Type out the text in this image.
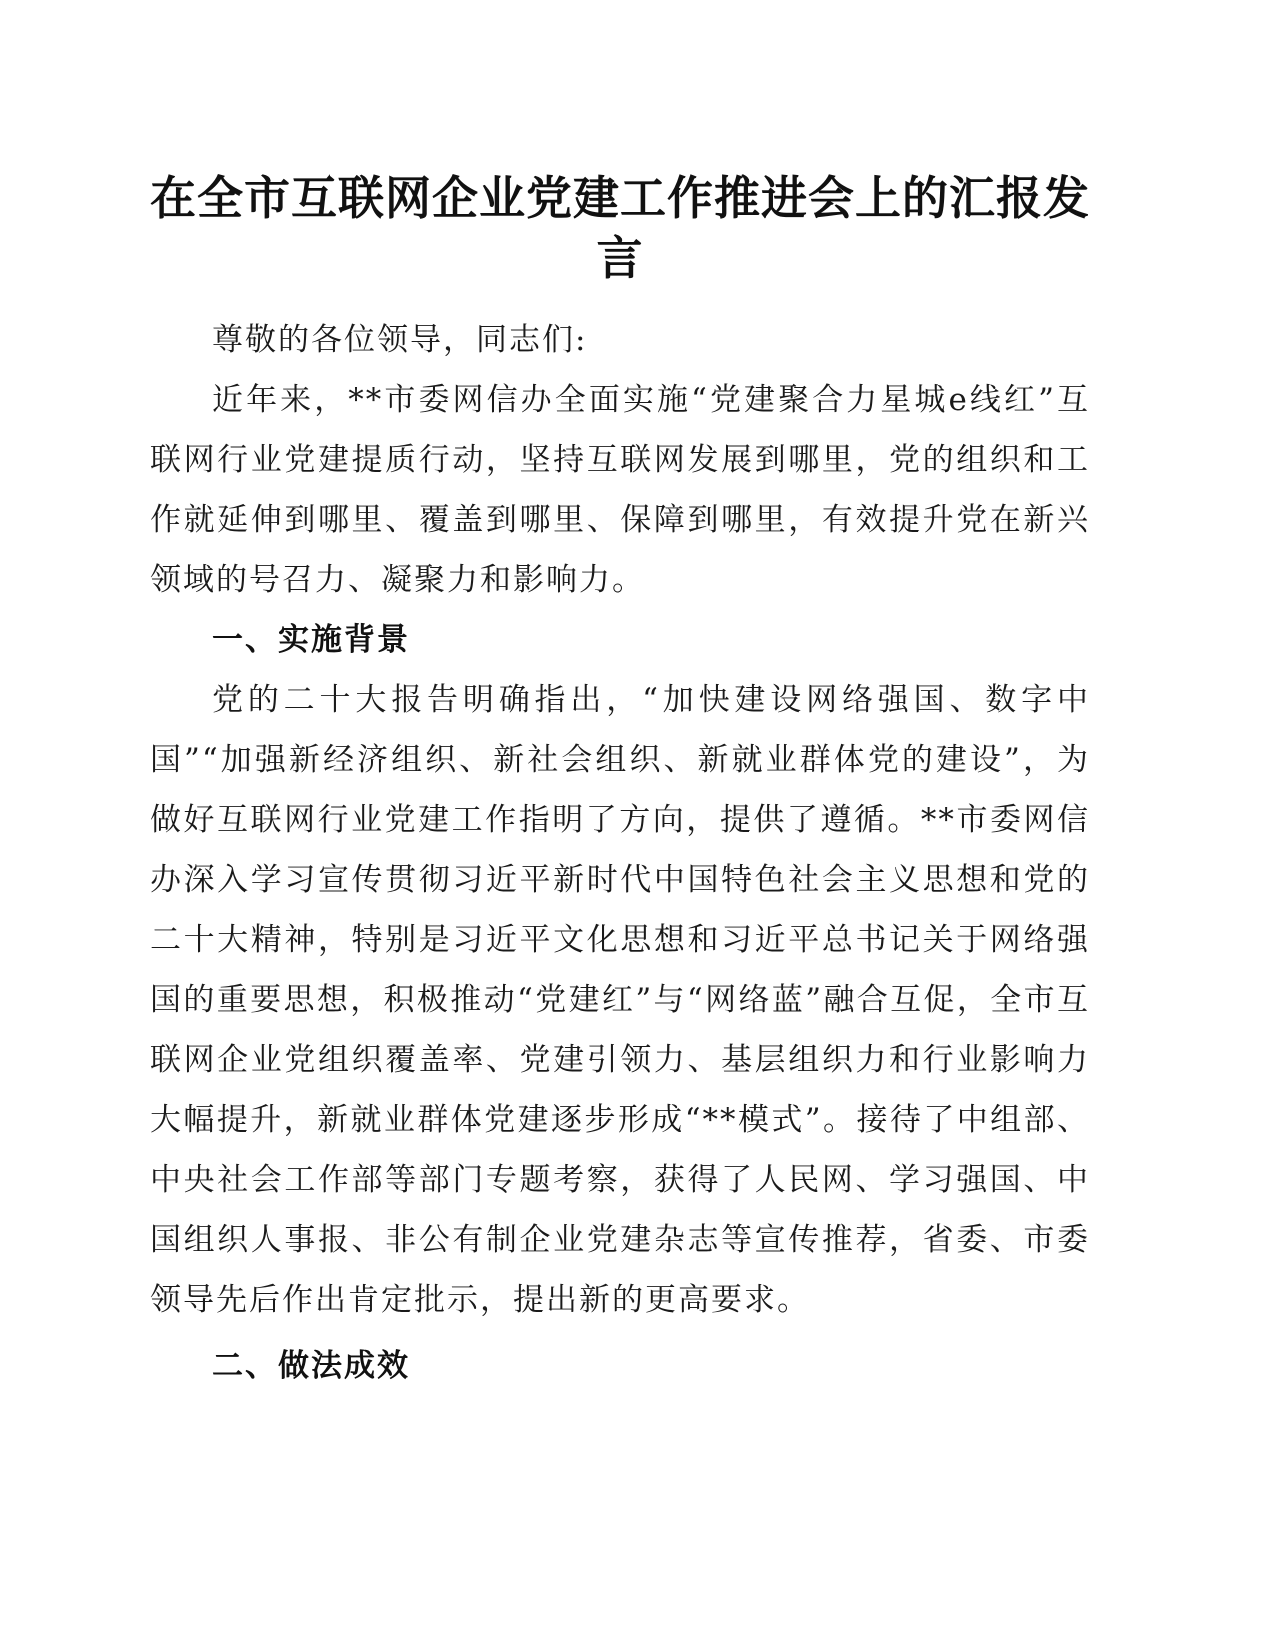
在全市互联网企业党建工作推进会上的汇报发言

尊敬的各位领导，同志们:

近年来，**市委网信办全面实施“党建聚合力星城e线红”互联网行业党建提质行动，坚持互联网发展到哪里，党的组织和工作就延伸到哪里、覆盖到哪里、保障到哪里，有效提升党在新兴领域的号召力、凝聚力和影响力。

一、实施背景

党的二十大报告明确指出，“加快建设网络强国、数字中国”“加强新经济组织、新社会组织、新就业群体党的建设”，为做好互联网行业党建工作指明了方向，提供了遵循。**市委网信办深入学习宣传贯彻习近平新时代中国特色社会主义思想和党的二十大精神，特别是习近平文化思想和习近平总书记关于网络强国的重要思想，积极推动“党建红”与“网络蓝”融合互促，全市互联网企业党组织覆盖率、党建引领力、基层组织力和行业影响力大幅提升，新就业群体党建逐步形成“**模式”。接待了中组部、中央社会工作部等部门专题考察，获得了人民网、学习强国、中国组织人事报、非公有制企业党建杂志等宣传推荐，省委、市委领导先后作出肯定批示，提出新的更高要求。

二、做法成效
